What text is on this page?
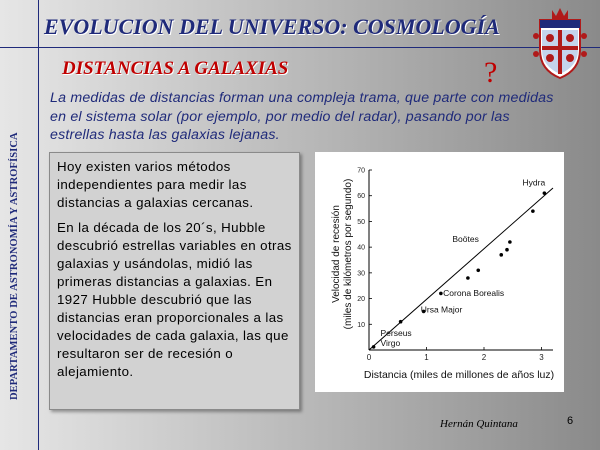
DEPARTAMENTO DE ASTRONOMÍA Y ASTROFÍSICA
EVOLUCION DEL UNIVERSO: COSMOLOGÍA
DISTANCIAS A GALAXIAS	?
La medidas de distancias forman una compleja trama, que parte con medidas en el sistema solar (por ejemplo, por medio del radar), pasando por las estrellas hasta las galaxias lejanas.

Hoy existen varios métodos independientes para medir las distancias a galaxias cercanas.

En la década de los 20´s, Hubble descubrió estrellas variables en otras galaxias y usándolas, midió las primeras distancias a galaxias. En 1927 Hubble descubrió que las distancias eran proporcionales a las velocidades de cada galaxia, las que resultaron ser de recesión o alejamiento.

10
20
30
40
50
60
70
0	1	2	3
Hydra
Boötes
Corona Borealis
Ursa Major
Perseus
Virgo
Distancia (miles de millones de años luz)
Velocidad de recesión (miles de kilómetros por segundo)
Hernán Quintana	6
